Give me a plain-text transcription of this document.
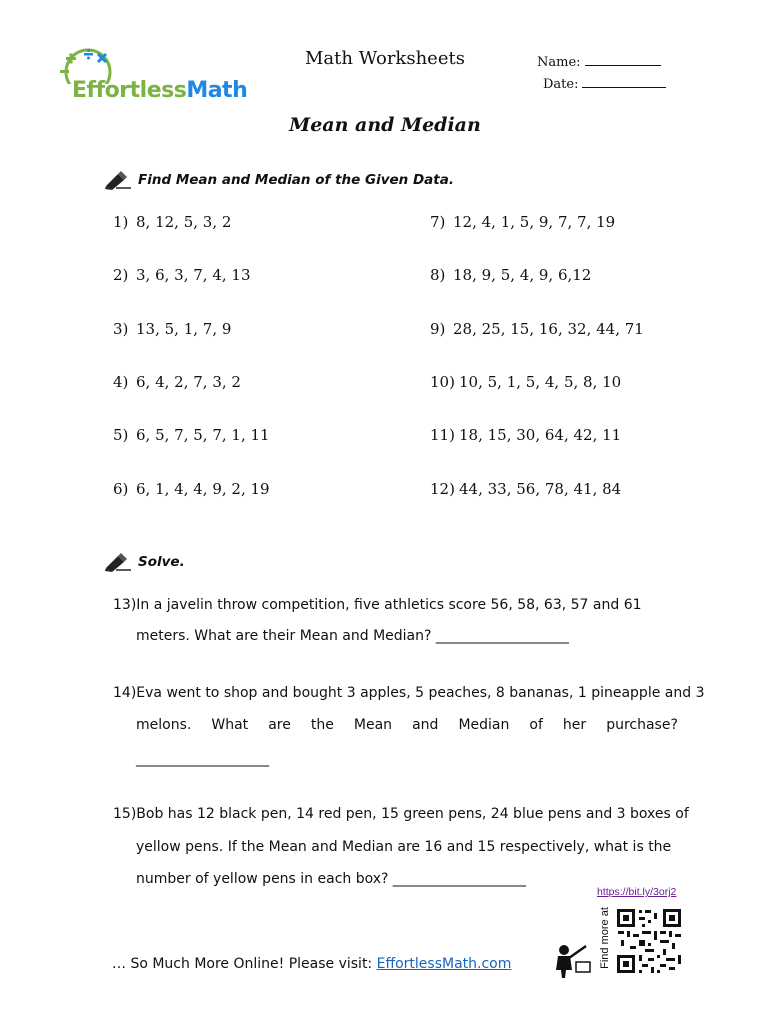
EffortlessMath
Math Worksheets	Name:
Date:
Mean and Median
Find Mean and Median of the Given Data.
1) 8, 12, 5, 3, 2
2) 3, 6, 3, 7, 4, 13
3) 13, 5, 1, 7, 9
4) 6, 4, 2, 7, 3, 2
5) 6, 5, 7, 5, 7, 1, 11
6) 6, 1, 4, 4, 9, 2, 19
7) 12, 4, 1, 5, 9, 7, 7, 19
8) 18, 9, 5, 4, 9, 6,12
9) 28, 25, 15, 16, 32, 44, 71
10) 10, 5, 1, 5, 4, 5, 8, 10
11) 18, 15, 30, 64, 42, 11
12) 44, 33, 56, 78, 41, 84
Solve.
13)In a javelin throw competition, five athletics score 56, 58, 63, 57 and 61
meters. What are their Mean and Median? ___________________
14)Eva went to shop and bought 3 apples, 5 peaches, 8 bananas, 1 pineapple and 3
melons. What are the Mean and Median of her purchase?
___________________
15)Bob has 12 black pen, 14 red pen, 15 green pens, 24 blue pens and 3 boxes of
yellow pens. If the Mean and Median are 16 and 15 respectively, what is the
number of yellow pens in each box? ___________________
https://bit.ly/3orj2
Find more at
… So Much More Online! Please visit: EffortlessMath.com
